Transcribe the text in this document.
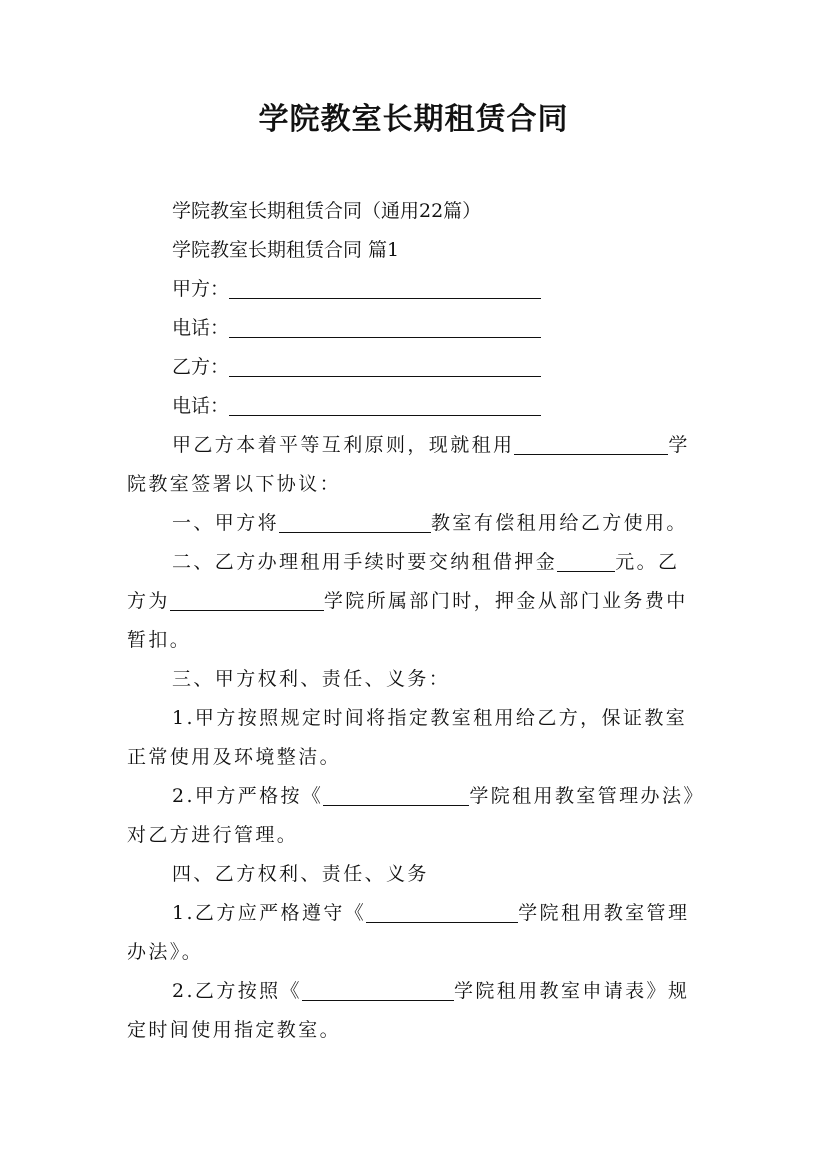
学院教室长期租赁合同
学院教室长期租赁合同（通用22篇）
学院教室长期租赁合同 篇1
甲方：
电话：
乙方：
电话：
甲乙方本着平等互利原则，现就租用	学
院教室签署以下协议：
一、甲方将	教室有偿租用给乙方使用。
二、乙方办理租用手续时要交纳租借押金	元。乙
方为	学院所属部门时，押金从部门业务费中
暂扣。
三、甲方权利、责任、义务：
1.甲方按照规定时间将指定教室租用给乙方，保证教室
正常使用及环境整洁。
2.甲方严格按《	学院租用教室管理办法》
对乙方进行管理。
四、乙方权利、责任、义务
1.乙方应严格遵守《	学院租用教室管理
办法》。
2.乙方按照《	学院租用教室申请表》规
定时间使用指定教室。
